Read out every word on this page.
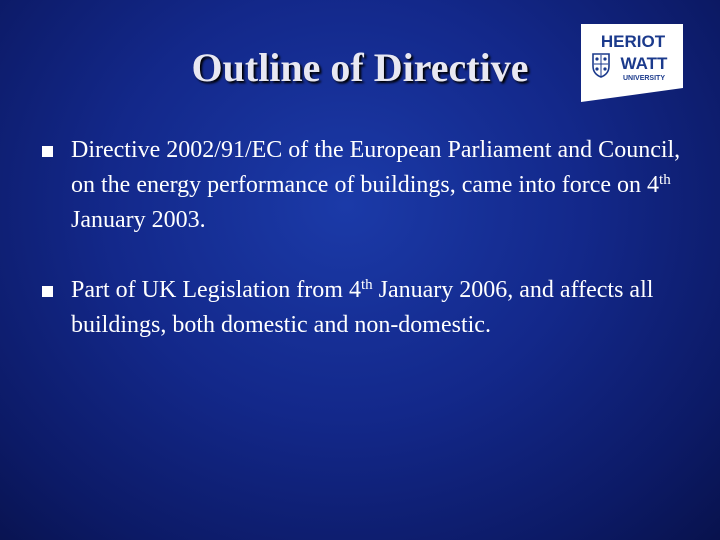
Outline of Directive
HERIOT
WATT
UNIVERSITY
Directive 2002/91/EC of the European Parliament and Council, on the energy performance of buildings, came into force on 4th January 2003.
Part of UK Legislation from 4th January 2006, and affects all buildings, both domestic and non-domestic.
